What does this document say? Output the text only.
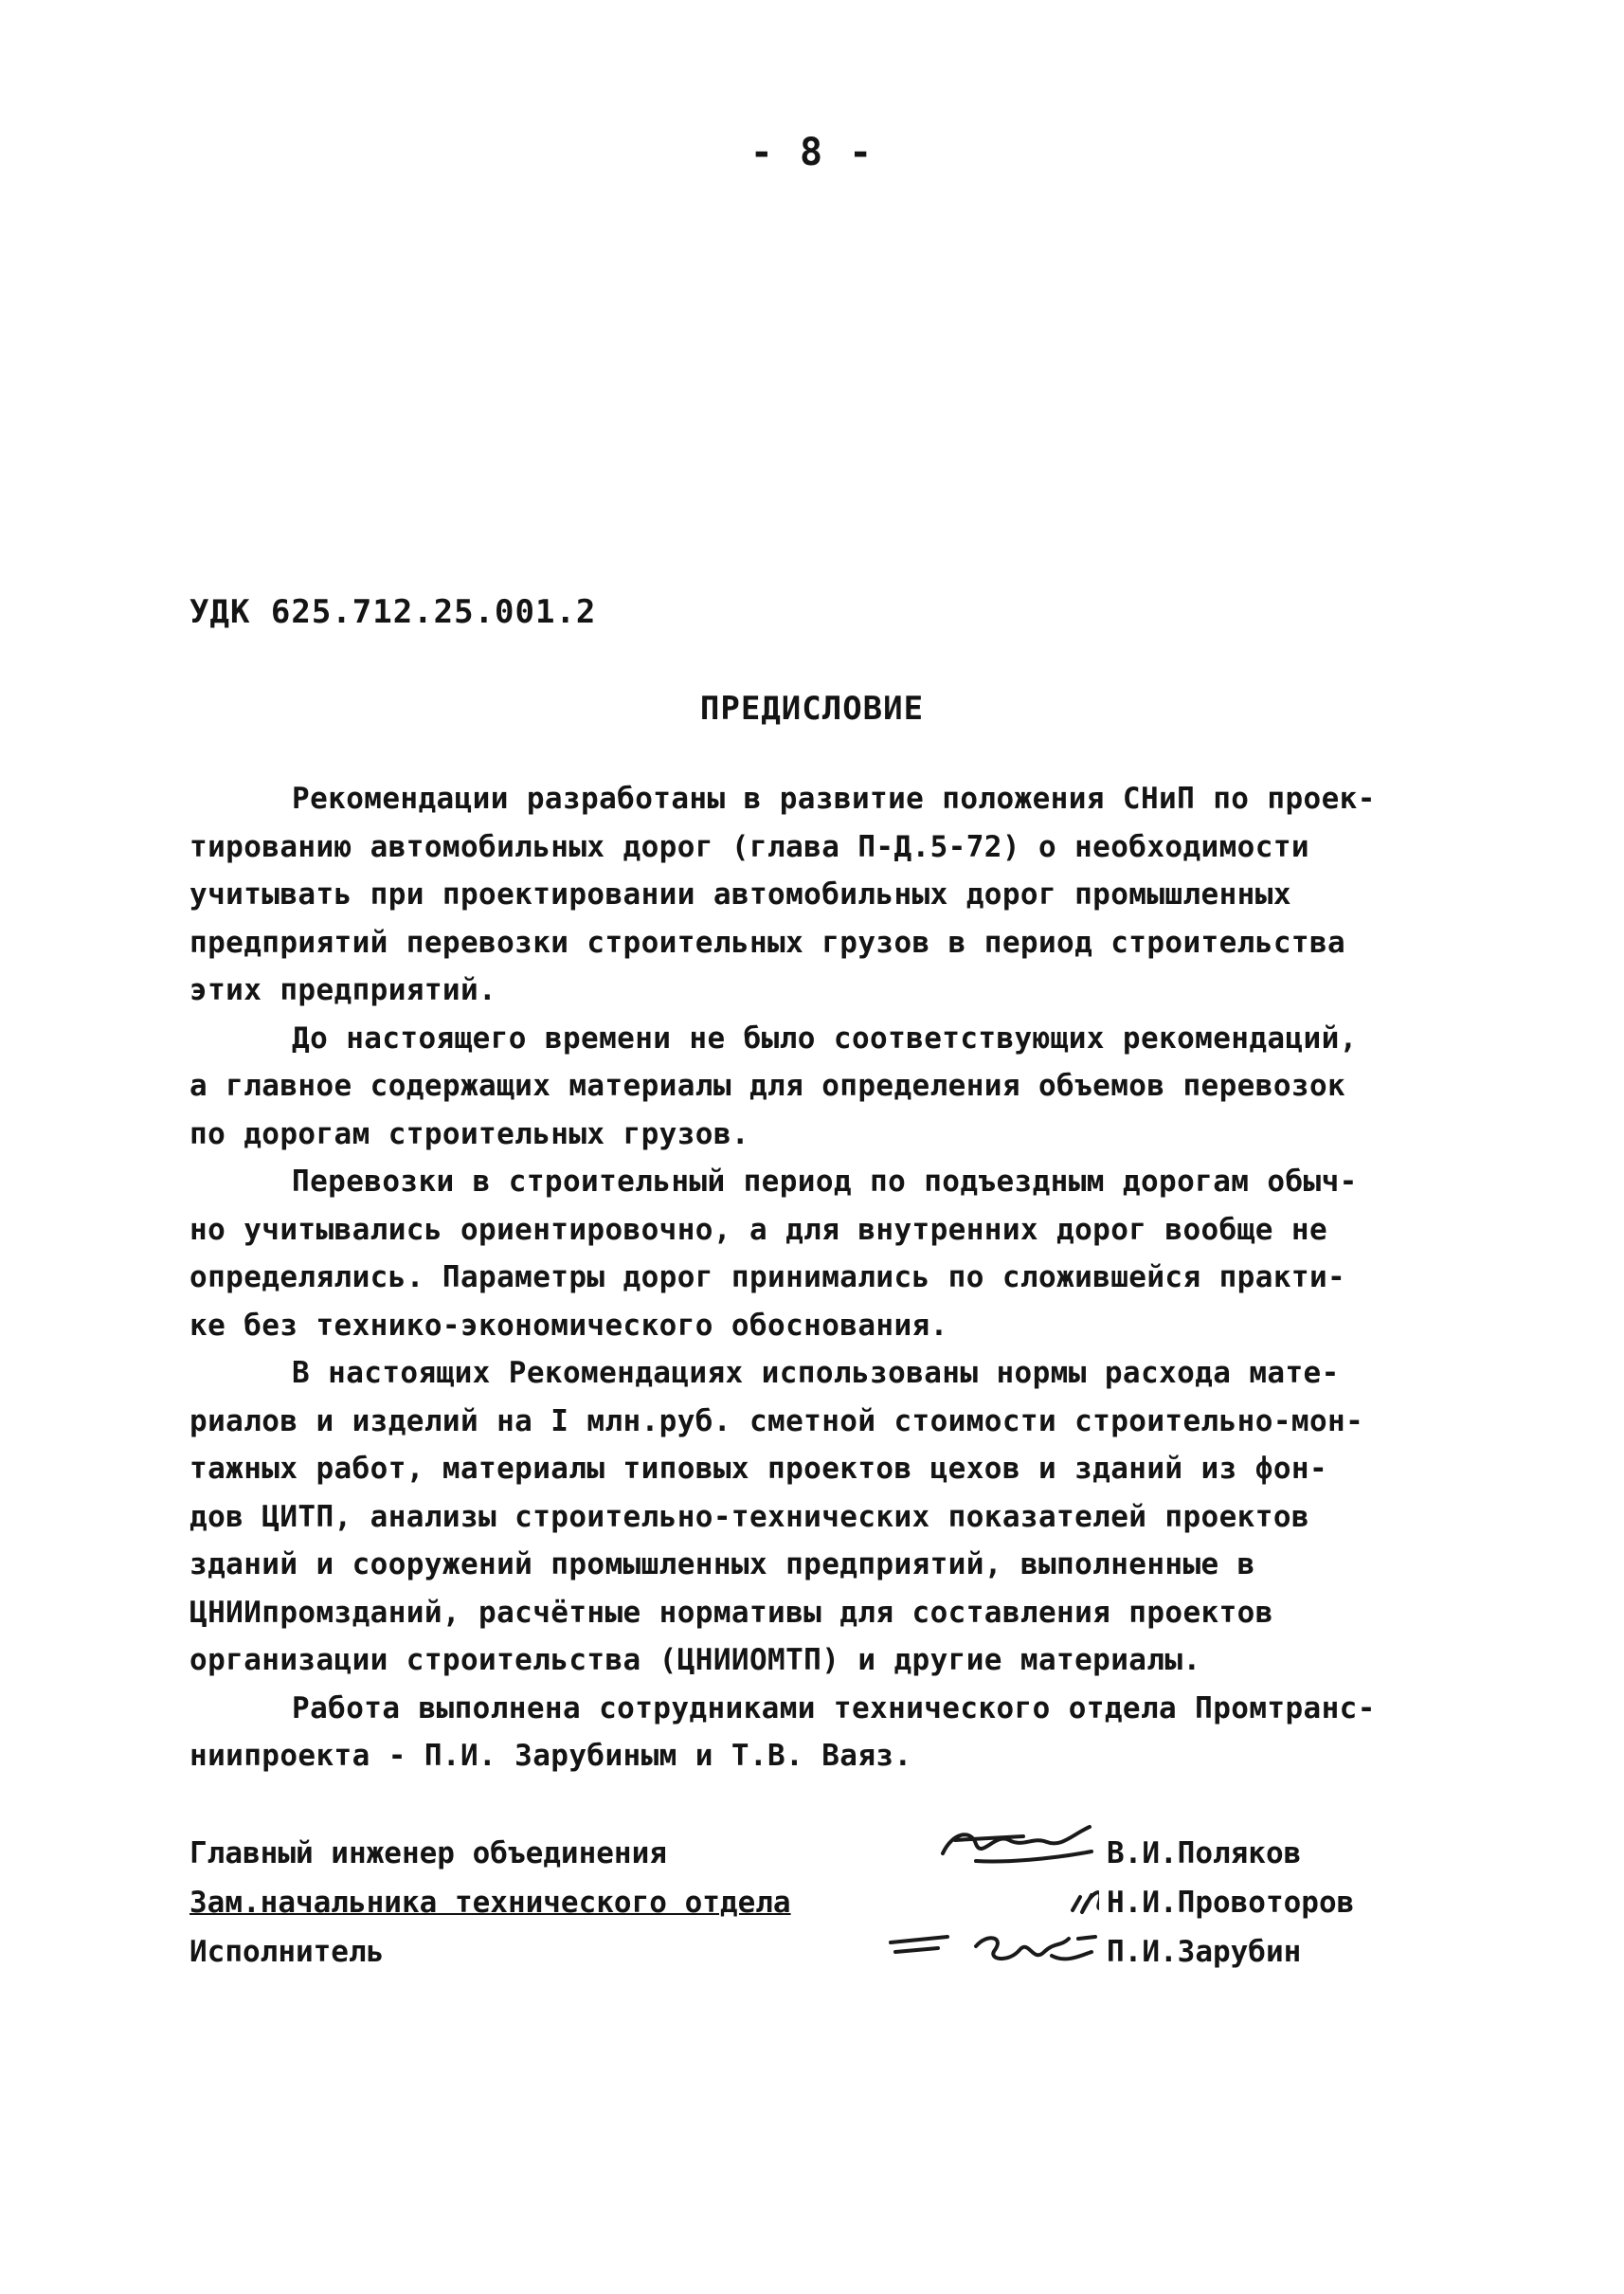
- 8 -
УДК 625.712.25.001.2
ПРЕДИСЛОВИЕ
Рекомендации разработаны в развитие положения СНиП по проек-
тированию автомобильных дорог (глава П-Д.5-72) о необходимости
учитывать при проектировании автомобильных дорог промышленных
предприятий перевозки строительных грузов в период строительства
этих предприятий.
До настоящего времени не было соответствующих рекомендаций,
а главное содержащих материалы для определения объемов перевозок
по дорогам строительных грузов.
Перевозки в строительный период по подъездным дорогам обыч-
но учитывались ориентировочно, а для внутренних дорог вообще не
определялись. Параметры дорог принимались по сложившейся практи-
ке без технико-экономического обоснования.
В настоящих Рекомендациях использованы нормы расхода мате-
риалов и изделий на I млн.руб. сметной стоимости строительно-мон-
тажных работ, материалы типовых проектов цехов и зданий из фон-
дов ЦИТП, анализы строительно-технических показателей проектов
зданий и сооружений промышленных предприятий, выполненные в
ЦНИИпромзданий, расчётные нормативы для составления проектов
организации строительства (ЦНИИОМТП) и другие материалы.
Работа выполнена сотрудниками технического отдела Промтранс-
ниипроекта - П.И. Зарубиным и Т.В. Ваяз.
Главный инженер объединения	В.И.Поляков
Зам.начальника технического отдела	Н.И.Провоторов
Исполнитель	П.И.Зарубин
